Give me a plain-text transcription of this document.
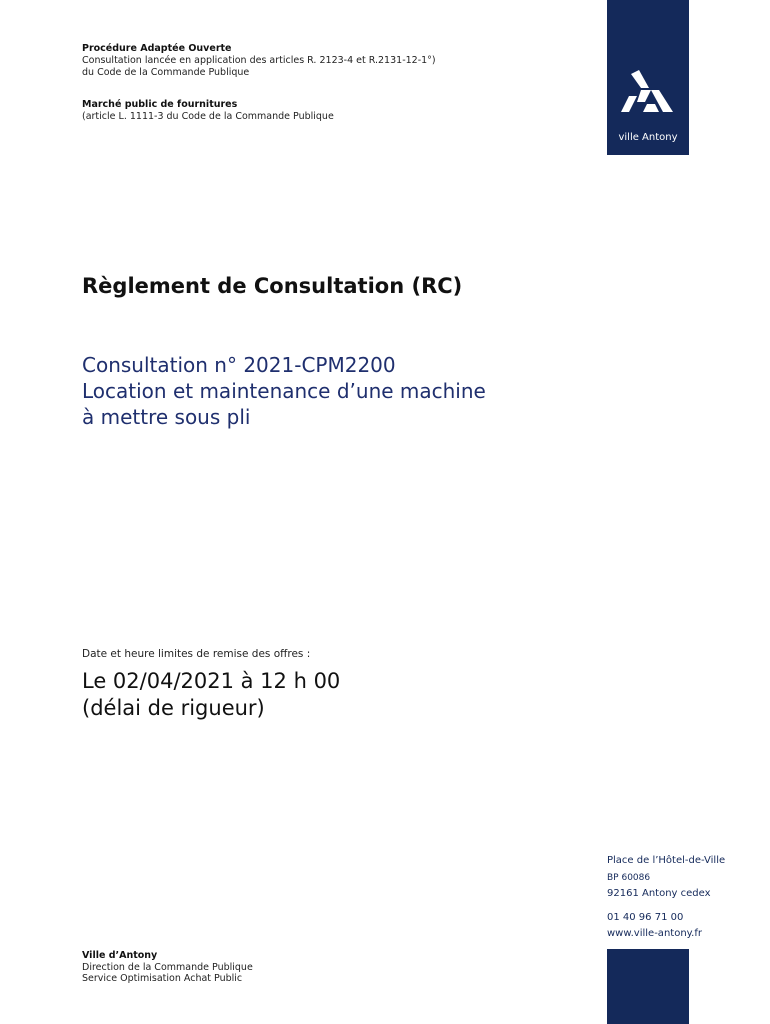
Procédure Adaptée Ouverte
Consultation lancée en application des articles R. 2123-4 et R.2131-12-1°)
du Code de la Commande Publique
Marché public de fournitures
(article L. 1111-3 du Code de la Commande Publique
ville Antony
Règlement de Consultation (RC)
Consultation n° 2021-CPM2200
Location et maintenance d’une machine
à mettre sous pli
Date et heure limites de remise des offres :
Le 02/04/2021 à 12 h 00
(délai de rigueur)
Place de l’Hôtel-de-Ville
BP 60086
92161 Antony cedex
01 40 96 71 00
www.ville-antony.fr
Ville d’Antony
Direction de la Commande Publique
Service Optimisation Achat Public
